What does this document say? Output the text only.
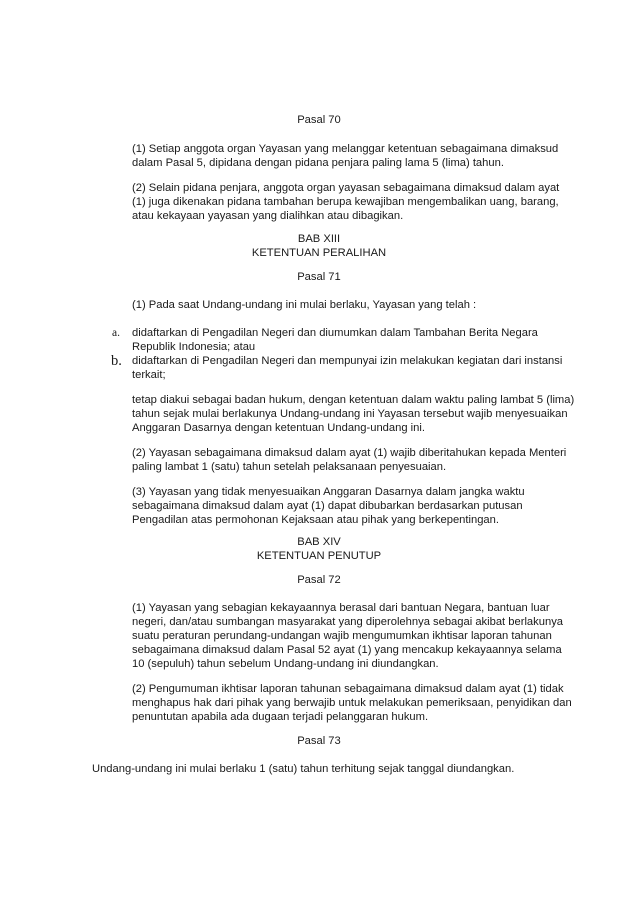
Pasal 70
(1) Setiap anggota organ Yayasan yang melanggar ketentuan sebagaimana dimaksud
dalam Pasal 5, dipidana dengan pidana penjara paling lama 5 (lima) tahun.
(2) Selain pidana penjara, anggota organ yayasan sebagaimana dimaksud dalam ayat
(1) juga dikenakan pidana tambahan berupa kewajiban mengembalikan uang, barang,
atau kekayaan yayasan yang dialihkan atau dibagikan.
BAB XIII
KETENTUAN PERALIHAN
Pasal 71
(1) Pada saat Undang-undang ini mulai berlaku, Yayasan yang telah :
a. didaftarkan di Pengadilan Negeri dan diumumkan dalam Tambahan Berita Negara
Republik Indonesia; atau
b. didaftarkan di Pengadilan Negeri dan mempunyai izin melakukan kegiatan dari instansi
terkait;
tetap diakui sebagai badan hukum, dengan ketentuan dalam waktu paling lambat 5 (lima)
tahun sejak mulai berlakunya Undang-undang ini Yayasan tersebut wajib menyesuaikan
Anggaran Dasarnya dengan ketentuan Undang-undang ini.
(2) Yayasan sebagaimana dimaksud dalam ayat (1) wajib diberitahukan kepada Menteri
paling lambat 1 (satu) tahun setelah pelaksanaan penyesuaian.
(3) Yayasan yang tidak menyesuaikan Anggaran Dasarnya dalam jangka waktu
sebagaimana dimaksud dalam ayat (1) dapat dibubarkan berdasarkan putusan
Pengadilan atas permohonan Kejaksaan atau pihak yang berkepentingan.
BAB XIV
KETENTUAN PENUTUP
Pasal 72
(1) Yayasan yang sebagian kekayaannya berasal dari bantuan Negara, bantuan luar
negeri, dan/atau sumbangan masyarakat yang diperolehnya sebagai akibat berlakunya
suatu peraturan perundang-undangan wajib mengumumkan ikhtisar laporan tahunan
sebagaimana dimaksud dalam Pasal 52 ayat (1) yang mencakup kekayaannya selama
10 (sepuluh) tahun sebelum Undang-undang ini diundangkan.
(2) Pengumuman ikhtisar laporan tahunan sebagaimana dimaksud dalam ayat (1) tidak
menghapus hak dari pihak yang berwajib untuk melakukan pemeriksaan, penyidikan dan
penuntutan apabila ada dugaan terjadi pelanggaran hukum.
Pasal 73
Undang-undang ini mulai berlaku 1 (satu) tahun terhitung sejak tanggal diundangkan.
